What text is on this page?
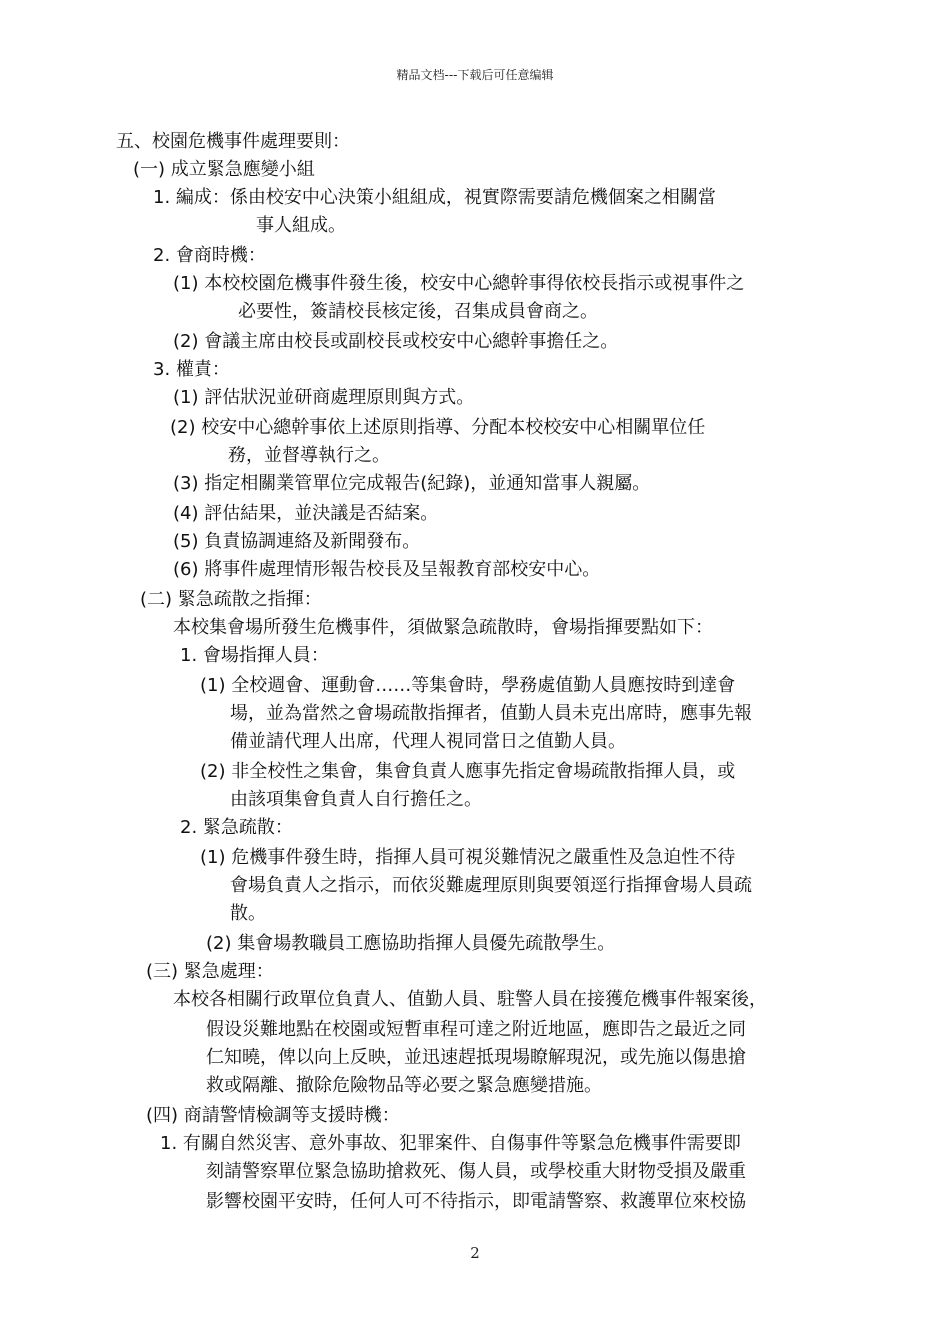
精品文档---下载后可任意编辑
五、校園危機事件處理要則：
(一) 成立緊急應變小組
1. 編成：係由校安中心決策小組組成，視實際需要請危機個案之相關當
事人組成。
2. 會商時機：
(1) 本校校園危機事件發生後，校安中心總幹事得依校長指示或視事件之
必要性，簽請校長核定後，召集成員會商之。
(2) 會議主席由校長或副校長或校安中心總幹事擔任之。
3. 權責：
(1) 評估狀況並研商處理原則與方式。
(2) 校安中心總幹事依上述原則指導、分配本校校安中心相關單位任
務，並督導執行之。
(3) 指定相關業管單位完成報告(紀錄)，並通知當事人親屬。
(4) 評估結果，並決議是否結案。
(5) 負責協調連絡及新聞發布。
(6) 將事件處理情形報告校長及呈報教育部校安中心。
(二) 緊急疏散之指揮：
本校集會場所發生危機事件，須做緊急疏散時，會場指揮要點如下：
1. 會場指揮人員：
(1) 全校週會、運動會……等集會時，學務處值勤人員應按時到達會
場，並為當然之會場疏散指揮者，值勤人員未克出席時，應事先報
備並請代理人出席，代理人視同當日之值勤人員。
(2) 非全校性之集會，集會負責人應事先指定會場疏散指揮人員，或
由該項集會負責人自行擔任之。
2. 緊急疏散：
(1) 危機事件發生時，指揮人員可視災難情況之嚴重性及急迫性不待
會場負責人之指示，而依災難處理原則與要領逕行指揮會場人員疏
散。
(2) 集會場教職員工應協助指揮人員優先疏散學生。
(三) 緊急處理：
本校各相關行政單位負責人、值勤人員、駐警人員在接獲危機事件報案後，
假设災難地點在校園或短暫車程可達之附近地區，應即告之最近之同
仁知曉，俾以向上反映，並迅速趕抵現場瞭解現況，或先施以傷患搶
救或隔離、撤除危險物品等必要之緊急應變措施。
(四) 商請警情檢調等支援時機：
1. 有關自然災害、意外事故、犯罪案件、自傷事件等緊急危機事件需要即
刻請警察單位緊急協助搶救死、傷人員，或學校重大財物受損及嚴重
影響校園平安時，任何人可不待指示，即電請警察、救護單位來校協
2
